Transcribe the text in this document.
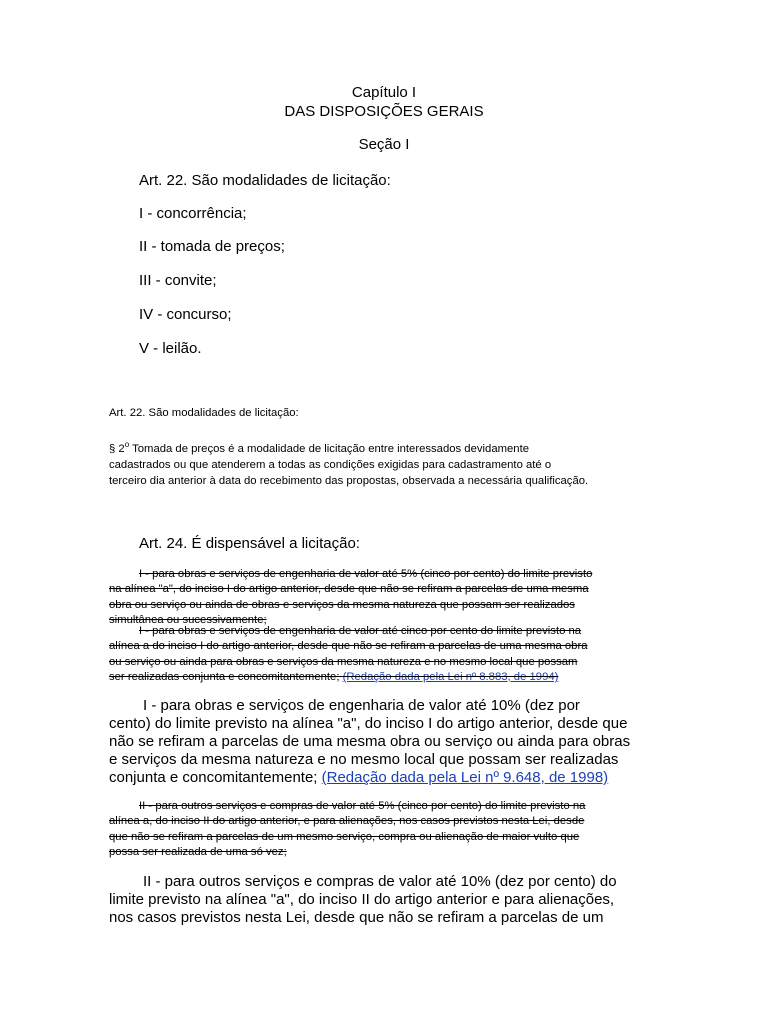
Capítulo I
DAS DISPOSIÇÕES GERAIS
Seção I
Art. 22. São modalidades de licitação:
I - concorrência;
II - tomada de preços;
III - convite;
IV - concurso;
V - leilão.
Art. 22. São modalidades de licitação:
§ 2$^o$ Tomada de preços é a modalidade de licitação entre interessados devidamente
cadastrados ou que atenderem a todas as condições exigidas para cadastramento até o
terceiro dia anterior à data do recebimento das propostas, observada a necessária qualificação.
Art. 24. É dispensável a licitação:
I - para obras e serviços de engenharia de valor até 5% (cinco por cento) do limite previsto
na alínea "a", do inciso I do artigo anterior, desde que não se refiram a parcelas de uma mesma
obra ou serviço ou ainda de obras e serviços da mesma natureza que possam ser realizados
simultânea ou sucessivamente;
I - para obras e serviços de engenharia de valor até cinco por cento do limite previsto na
alínea a do inciso I do artigo anterior, desde que não se refiram a parcelas de uma mesma obra
ou serviço ou ainda para obras e serviços da mesma natureza e no mesmo local que possam
ser realizadas conjunta e concomitantemente; (Redação dada pela Lei nº 8.883, de 1994)
I - para obras e serviços de engenharia de valor até 10% (dez por
cento) do limite previsto na alínea "a", do inciso I do artigo anterior, desde que
não se refiram a parcelas de uma mesma obra ou serviço ou ainda para obras
e serviços da mesma natureza e no mesmo local que possam ser realizadas
conjunta e concomitantemente; (Redação dada pela Lei nº 9.648, de 1998)
II - para outros serviços e compras de valor até 5% (cinco por cento) do limite previsto na
alínea a, do inciso II do artigo anterior, e para alienações, nos casos previstos nesta Lei, desde
que não se refiram a parcelas de um mesmo serviço, compra ou alienação de maior vulto que
possa ser realizada de uma só vez;
II - para outros serviços e compras de valor até 10% (dez por cento) do
limite previsto na alínea "a", do inciso II do artigo anterior e para alienações,
nos casos previstos nesta Lei, desde que não se refiram a parcelas de um
